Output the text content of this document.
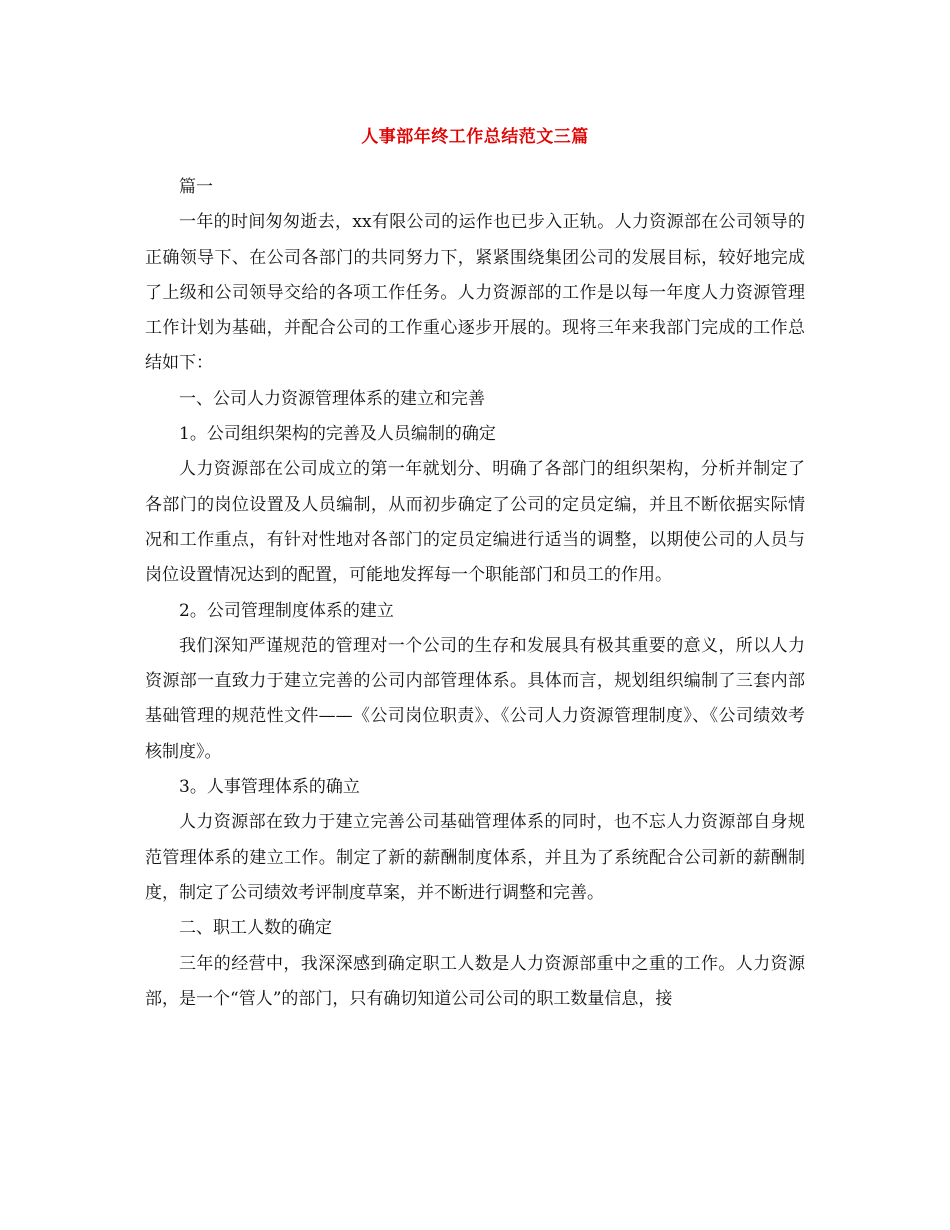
人事部年终工作总结范文三篇

篇一

一年的时间匆匆逝去，xx有限公司的运作也已步入正轨。人力资源部在公司领导的正确领导下、在公司各部门的共同努力下，紧紧围绕集团公司的发展目标，较好地完成了上级和公司领导交给的各项工作任务。人力资源部的工作是以每一年度人力资源管理工作计划为基础，并配合公司的工作重心逐步开展的。现将三年来我部门完成的工作总结如下：

一、公司人力资源管理体系的建立和完善

1。公司组织架构的完善及人员编制的确定

人力资源部在公司成立的第一年就划分、明确了各部门的组织架构，分析并制定了各部门的岗位设置及人员编制，从而初步确定了公司的定员定编，并且不断依据实际情况和工作重点，有针对性地对各部门的定员定编进行适当的调整，以期使公司的人员与岗位设置情况达到的配置，可能地发挥每一个职能部门和员工的作用。

2。公司管理制度体系的建立

我们深知严谨规范的管理对一个公司的生存和发展具有极其重要的意义，所以人力资源部一直致力于建立完善的公司内部管理体系。具体而言，规划组织编制了三套内部基础管理的规范性文件——《公司岗位职责》、《公司人力资源管理制度》、《公司绩效考核制度》。

3。人事管理体系的确立

人力资源部在致力于建立完善公司基础管理体系的同时，也不忘人力资源部自身规范管理体系的建立工作。制定了新的薪酬制度体系，并且为了系统配合公司新的薪酬制度，制定了公司绩效考评制度草案，并不断进行调整和完善。

二、职工人数的确定

三年的经营中，我深深感到确定职工人数是人力资源部重中之重的工作。人力资源部，是一个“管人”的部门，只有确切知道公司公司的职工数量信息，接
